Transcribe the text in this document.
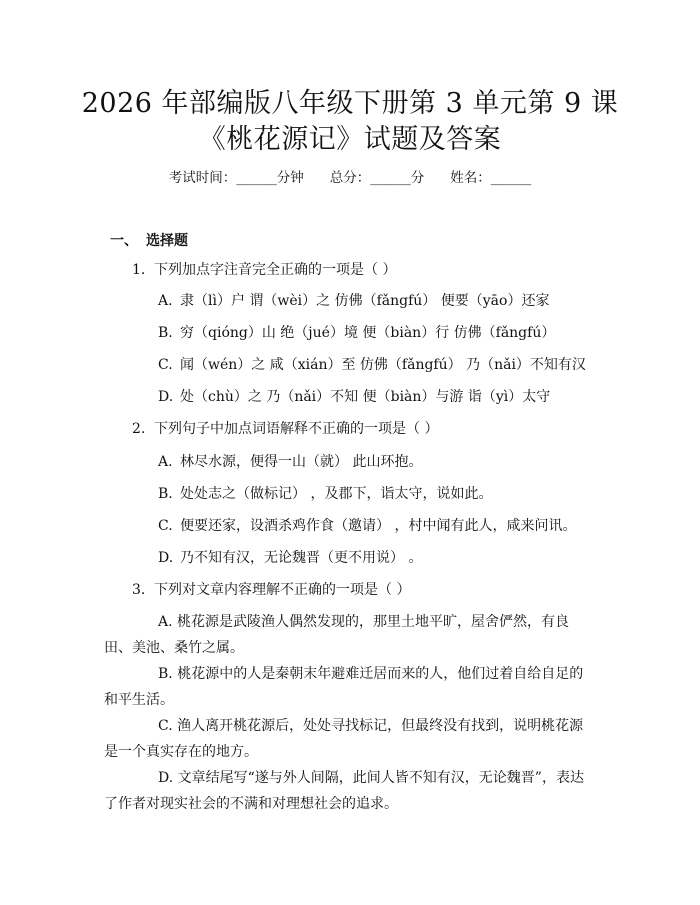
2026 年部编版八年级下册第 3 单元第 9 课
《桃花源记》试题及答案
考试时间：______分钟 总分：______分 姓名：______
一、 选择题
1. 下列加点字注音完全正确的一项是（ ）
A. 隶（lì）户 谓（wèi）之 仿佛（fǎngfú） 便要（yāo）还家
B. 穷（qióng）山 绝（jué）境 便（biàn）行 仿佛（fǎngfú）
C. 闻（wén）之 咸（xián）至 仿佛（fǎngfú） 乃（nǎi）不知有汉
D. 处（chù）之 乃（nǎi）不知 便（biàn）与游 诣（yì）太守
2. 下列句子中加点词语解释不正确的一项是（ ）
A. 林尽水源，便得一山（就） 此山环抱。
B. 处处志之（做标记） ，及郡下，诣太守，说如此。
C. 便要还家，设酒杀鸡作食（邀请） ，村中闻有此人，咸来问讯。
D. 乃不知有汉，无论魏晋（更不用说） 。
3. 下列对文章内容理解不正确的一项是（ ）
A. 桃花源是武陵渔人偶然发现的，那里土地平旷，屋舍俨然，有良田、美池、桑竹之属。
B. 桃花源中的人是秦朝末年避难迁居而来的人，他们过着自给自足的和平生活。
C. 渔人离开桃花源后，处处寻找标记，但最终没有找到，说明桃花源是一个真实存在的地方。
D. 文章结尾写“遂与外人间隔，此间人皆不知有汉，无论魏晋”，表达了作者对现实社会的不满和对理想社会的追求。
